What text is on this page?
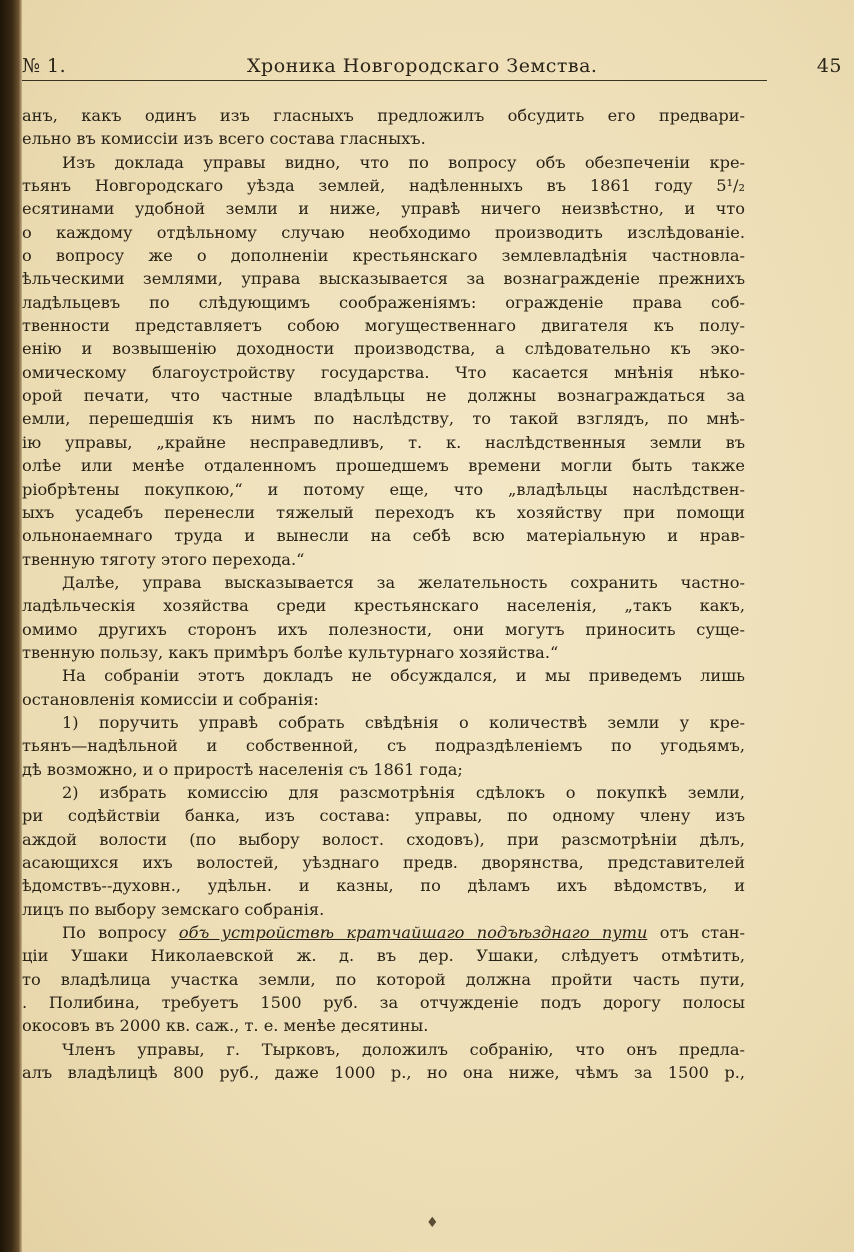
№ 1.	Хроника Новгородскаго Земства.	45
анъ, какъ одинъ изъ гласныхъ предложилъ обсудить его предвари-
ельно въ комиссіи изъ всего состава гласныхъ.
Изъ доклада управы видно, что по вопросу объ обезпеченіи кре-
тьянъ Новгородскаго уѣзда землей, надѣленныхъ въ 1861 году 5¹/₂
есятинами удобной земли и ниже, управѣ ничего неизвѣстно, и что
о каждому отдѣльному случаю необходимо производить изслѣдованіе.
о вопросу же о дополненіи крестьянскаго землевладѣнія частновла-
ѣльческими землями, управа высказывается за вознагражденіе прежнихъ
ладѣльцевъ по слѣдующимъ соображеніямъ: огражденіе права соб-
твенности представляетъ собою могущественнаго двигателя къ полу-
енію и возвышенію доходности производства, а слѣдовательно къ эко-
омическому благоустройству государства. Что касается мнѣнія нѣко-
орой печати, что частные владѣльцы не должны вознаграждаться за
емли, перешедшія къ нимъ по наслѣдству, то такой взглядъ, по мнѣ-
ію управы, „крайне несправедливъ, т. к. наслѣдственныя земли въ
олѣе или менѣе отдаленномъ прошедшемъ времени могли быть также
ріобрѣтены покупкою,“ и потому еще, что „владѣльцы наслѣдствен-
ыхъ усадебъ перенесли тяжелый переходъ къ хозяйству при помощи
ольнонаемнаго труда и вынесли на себѣ всю матеріальную и нрав-
твенную тяготу этого перехода.“
Далѣе, управа высказывается за желательность сохранить частно-
ладѣльческія хозяйства среди крестьянскаго населенія, „такъ какъ,
омимо другихъ сторонъ ихъ полезности, они могутъ приносить суще-
твенную пользу, какъ примѣръ болѣе культурнаго хозяйства.“
На собраніи этотъ докладъ не обсуждался, и мы приведемъ лишь
остановленія комиссіи и собранія:
1) поручить управѣ собрать свѣдѣнія о количествѣ земли у кре-
тьянъ—надѣльной и собственной, съ подраздѣленіемъ по угодьямъ,
дѣ возможно, и о приростѣ населенія съ 1861 года;
2) избрать комиссію для разсмотрѣнія сдѣлокъ о покупкѣ земли,
ри содѣйствіи банка, изъ состава: управы, по одному члену изъ
аждой волости (по выбору волост. сходовъ), при разсмотрѣніи дѣлъ,
асающихся ихъ волостей, уѣзднаго предв. дворянства, представителей
ѣдомствъ--духовн., удѣльн. и казны, по дѣламъ ихъ вѣдомствъ, и
лицъ по выбору земскаго собранія.
По вопросу объ устройствѣ кратчайшаго подъѣзднаго пути отъ стан-
ціи Ушаки Николаевской ж. д. въ дер. Ушаки, слѣдуетъ отмѣтить,
то владѣлица участка земли, по которой должна пройти часть пути,
. Полибина, требуетъ 1500 руб. за отчужденіе подъ дорогу полосы
окосовъ въ 2000 кв. саж., т. е. менѣе десятины.
Членъ управы, г. Тырковъ, доложилъ собранію, что онъ предла-
алъ владѣлицѣ 800 руб., даже 1000 р., но она ниже, чѣмъ за 1500 р.,
♦
